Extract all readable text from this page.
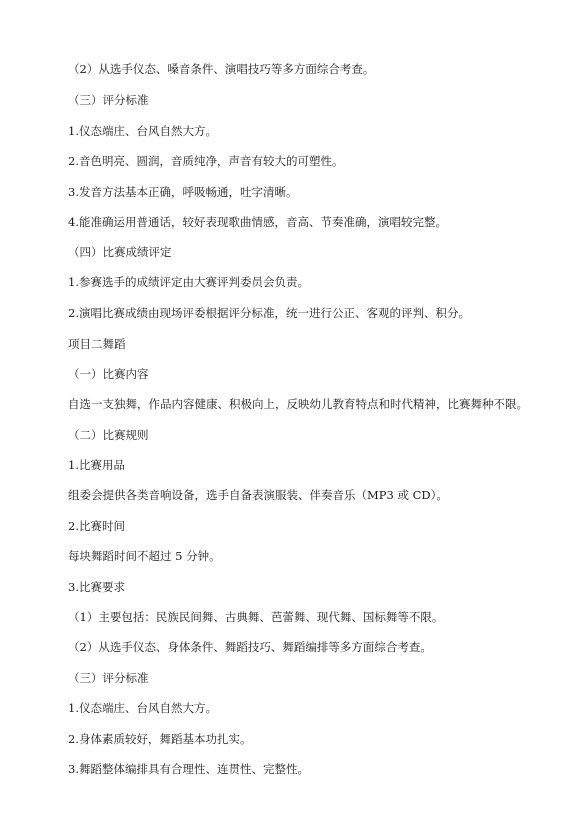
（2）从选手仪态、嗓音条件、演唱技巧等多方面综合考查。

（三）评分标准

1.仪态端庄、台风自然大方。

2.音色明亮、圆润，音质纯净，声音有较大的可塑性。

3.发音方法基本正确，呼吸畅通，吐字清晰。

4.能准确运用普通话，较好表现歌曲情感，音高、节奏准确，演唱较完整。

（四）比赛成绩评定

1.参赛选手的成绩评定由大赛评判委员会负责。

2.演唱比赛成绩由现场评委根据评分标准，统一进行公正、客观的评判、积分。

项目二舞蹈

（一）比赛内容

自选一支独舞，作品内容健康、积极向上，反映幼儿教育特点和时代精神，比赛舞种不限。

（二）比赛规则

1.比赛用品

组委会提供各类音响设备，选手自备表演服装、伴奏音乐（MP3 或 CD）。

2.比赛时间

每块舞蹈时间不超过 5 分钟。

3.比赛要求

（1）主要包括：民族民间舞、古典舞、芭蕾舞、现代舞、国标舞等不限。

（2）从选手仪态、身体条件、舞蹈技巧、舞蹈编排等多方面综合考查。

（三）评分标准

1.仪态端庄、台风自然大方。

2.身体素质较好，舞蹈基本功扎实。

3.舞蹈整体编排具有合理性、连贯性、完整性。
